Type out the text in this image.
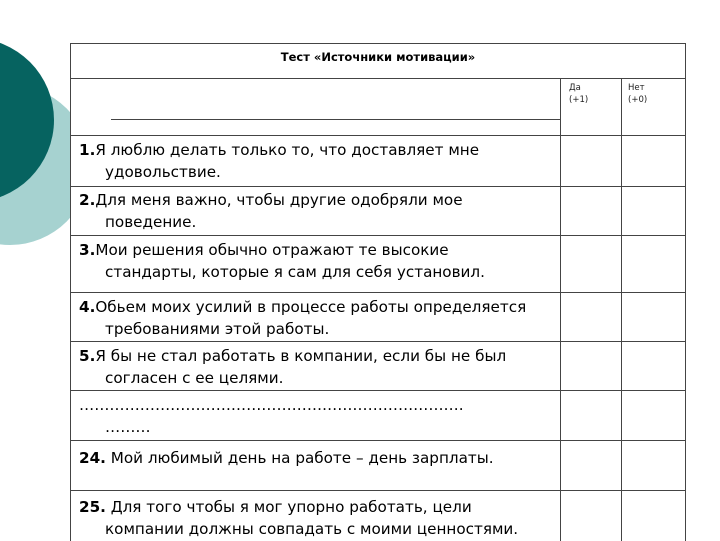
Тест «Источники мотивации»
Да
(+1)
Нет
(+0)
1.Я люблю делать только то, что доставляет мне
удовольствие.
2.Для меня важно, чтобы другие одобряли мое
поведение.
3.Мои решения обычно отражают те высокие
стандарты, которые я сам для себя установил.
4.Обьем моих усилий в процессе работы определяется
требованиями этой работы.
5.Я бы не стал работать в компании, если бы не был
согласен с ее целями.
………………………………………………………………….
………
24. Мой любимый день на работе – день зарплаты.
25. Для того чтобы я мог упорно работать, цели
компании должны совпадать с моими ценностями.
